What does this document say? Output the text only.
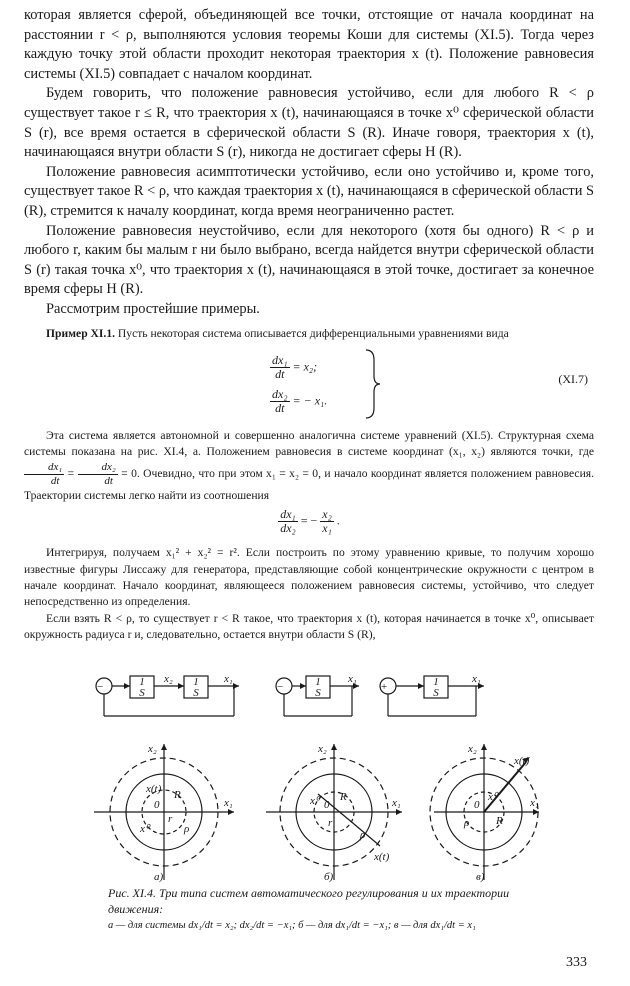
которая является сферой, объединяющей все точки, отстоящие от начала координат на расстоянии r < ρ, выполняются условия теоремы Коши для системы (XI.5). Тогда через каждую точку этой области проходит некоторая траектория x (t). Положение равновесия системы (XI.5) совпадает с началом координат.

Будем говорить, что положение равновесия устойчиво, если для любого R < ρ существует такое r ≤ R, что траектория x (t), начинающаяся в точке x⁰ сферической области S (r), все время остается в сферической области S (R). Иначе говоря, траектория x (t), начинающаяся внутри области S (r), никогда не достигает сферы H (R).

Положение равновесия асимптотически устойчиво, если оно устойчиво и, кроме того, существует такое R < ρ, что каждая траектория x (t), начинающаяся в сферической области S (R), стремится к началу координат, когда время неограниченно растет.

Положение равновесия неустойчиво, если для некоторого (хотя бы одного) R < ρ и любого r, каким бы малым r ни было выбрано, всегда найдется внутри сферической области S (r) такая точка x⁰, что траектория x (t), начинающаяся в этой точке, достигает за конечное время сферы H (R).

Рассмотрим простейшие примеры.

Пример XI.1. Пусть некоторая система описывается дифференциальными уравнениями вида

$\frac{\text{dx₁}}{dt} = x_2$;
$\frac{\text{dx₂}}{dt}$ = − x₁.
(XI.7)

Эта система является автономной и совершенно аналогична системе уравнений (XI.5). Структурная схема системы показана на рис. XI.4, а. Положением равновесия в системе координат (x₁, x₂) являются точки, где
$\frac{\text{dx₁}}{dt} = \frac{\text{dx₂}}{dt} = 0$. Очевидно, что при этом x₁ = x₂ = 0, и начало координат является положением равновесия. Траектории системы легко найти из соотношения

$\frac{\text{dx₁}}{\text{dx₂}}$ = − $\frac{\text{x₂}}{\text{x₁}}$ .

Интегрируя, получаем x₁² + x₂² = r². Если построить по этому уравнению кривые, то получим хорошо известные фигуры Лиссажу для генератора, представляющие собой концентрические окружности с центром в начале координат. Начало координат, являющееся положением равновесия системы, устойчиво, что следует непосредственно из определения.

Если взять R < ρ, то существует r < R такое, что траектория x (t), которая начинается в точке x⁰, описывает окружность радиуса r и, следовательно, остается внутри области S (R),

−	1
S
1
S
x₂	x₁
x₂
x₁
0
x(t) R
r
x⁰	ρ
а)
−	1
S
x₁
x₂
x₁
0
R
r
x⁰
ρ
x(t)
б)
+	1
S
x₁
x₂
x₁
0
x⁰
R
ρ
x(t)
в)
Рис. XI.4. Три типа систем автоматического регулирования и их траектории движения:
а — для системы dx₁/dt = x₂; dx₂/dt = −x₁; б — для dx₁/dt = −x₁; в — для dx₁/dt = x₁
333
